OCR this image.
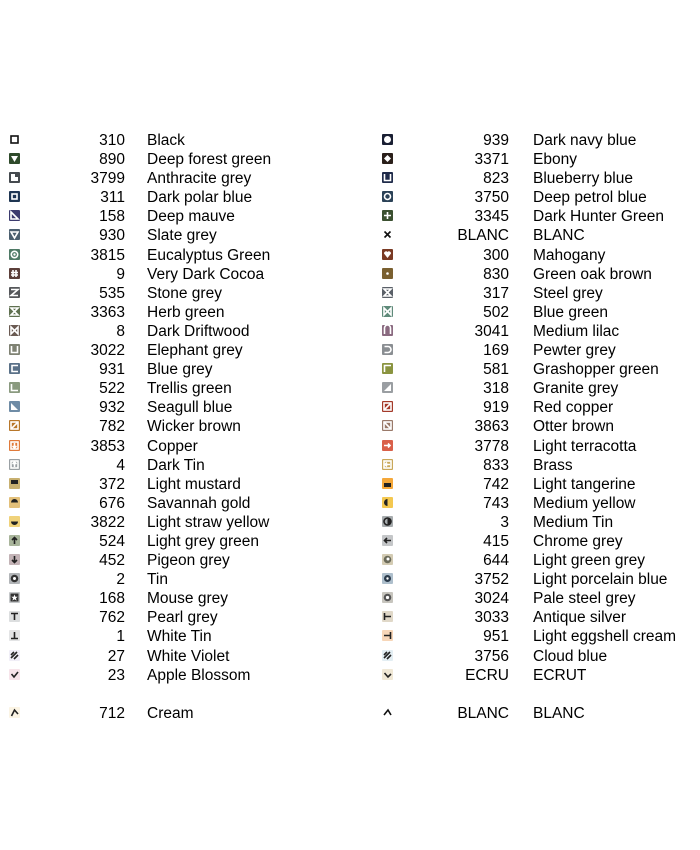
310 Black
890 Deep forest green
3799 Anthracite grey
311 Dark polar blue
158 Deep mauve
930 Slate grey
3815 Eucalyptus Green
9 Very Dark Cocoa
535 Stone grey
3363 Herb green
8 Dark Driftwood
3022 Elephant grey
931 Blue grey
522 Trellis green
932 Seagull blue
782 Wicker brown
3853 Copper
4 Dark Tin
372 Light mustard
676 Savannah gold
3822 Light straw yellow
524 Light grey green
452 Pigeon grey
2 Tin
168 Mouse grey
762 Pearl grey
1 White Tin
27 White Violet
23 Apple Blossom
712 Cream
939 Dark navy blue
3371 Ebony
823 Blueberry blue
3750 Deep petrol blue
3345 Dark Hunter Green
BLANC BLANC
300 Mahogany
830 Green oak brown
317 Steel grey
502 Blue green
3041 Medium lilac
169 Pewter grey
581 Grashopper green
318 Granite grey
919 Red copper
3863 Otter brown
3778 Light terracotta
833 Brass
742 Light tangerine
743 Medium yellow
3 Medium Tin
415 Chrome grey
644 Light green grey
3752 Light porcelain blue
3024 Pale steel grey
3033 Antique silver
951 Light eggshell cream
3756 Cloud blue
ECRU ECRUT
BLANC BLANC
